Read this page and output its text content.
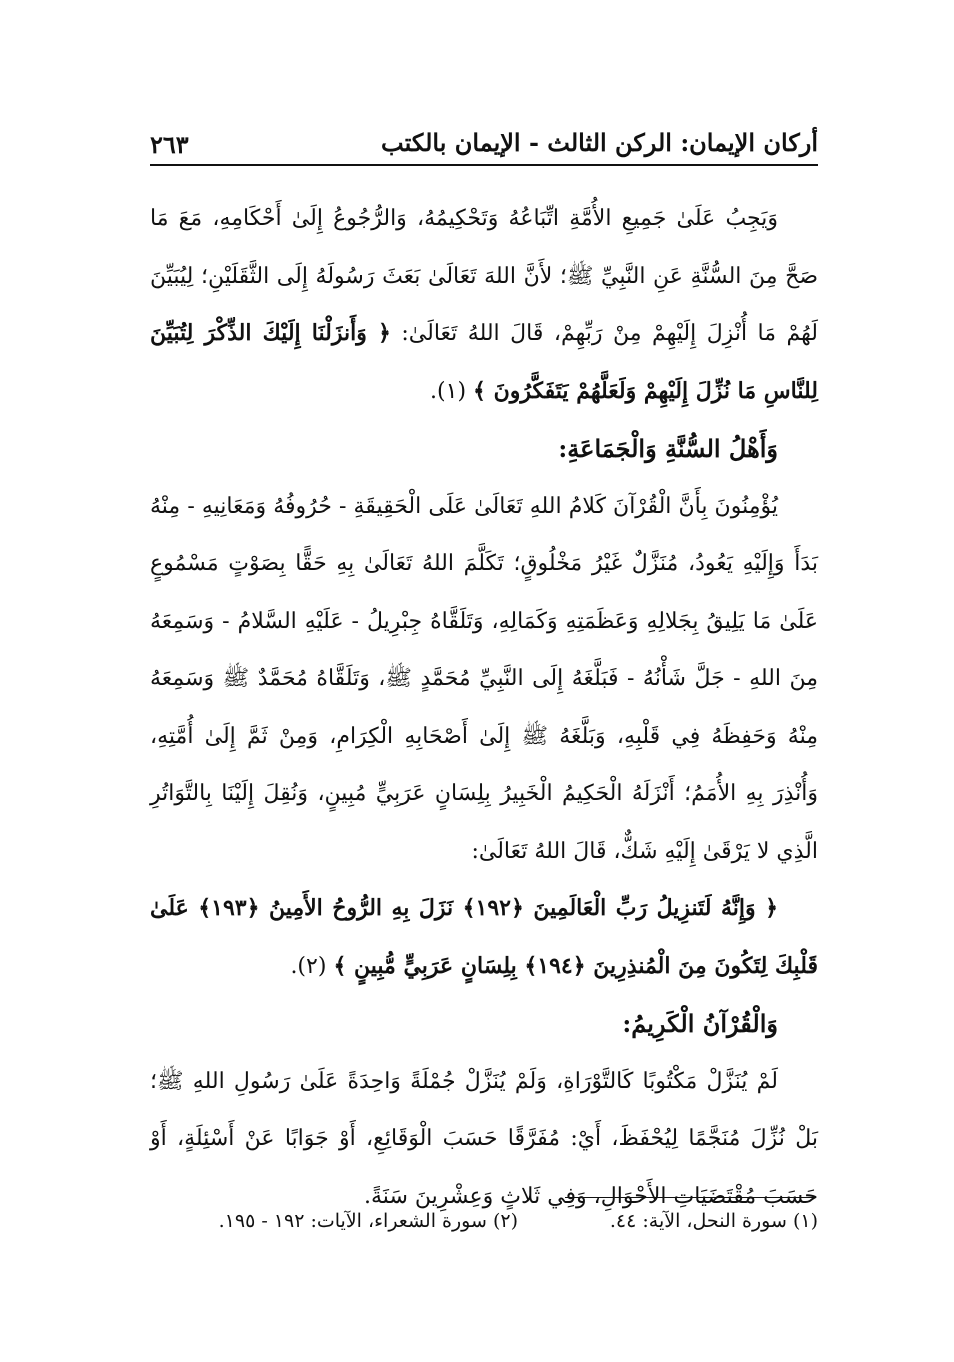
أركان الإيمان: الركن الثالث - الإيمان بالكتب
٢٦٣

وَيَجِبُ عَلَىٰ جَمِيعِ الأُمَّةِ اتِّبَاعُهُ وَتَحْكِيمُهُ، وَالرُّجُوعُ إِلَىٰ أَحْكَامِهِ، مَعَ مَا صَحَّ مِنَ السُّنَّةِ عَنِ النَّبِيِّ ﷺ؛ لأَنَّ اللهَ تَعَالَىٰ بَعَثَ رَسُولَهُ إِلَى الثَّقَلَيْنِ؛ لِيُبَيِّنَ لَهُمْ مَا أُنْزِلَ إِلَيْهِمْ مِنْ رَبِّهِمْ، قَالَ اللهُ تَعَالَىٰ: ﴿ وَأَنزَلْنَا إِلَيْكَ الذِّكْرَ لِتُبَيِّنَ لِلنَّاسِ مَا نُزِّلَ إِلَيْهِمْ وَلَعَلَّهُمْ يَتَفَكَّرُونَ ﴾ (١).

وَأَهْلُ السُّنَّةِ وَالْجَمَاعَةِ:

يُؤْمِنُونَ بِأَنَّ الْقُرْآنَ كَلامُ اللهِ تَعَالَىٰ عَلَى الْحَقِيقَةِ - حُرُوفُهُ وَمَعَانِيهِ - مِنْهُ بَدَأَ وَإِلَيْهِ يَعُودُ، مُنَزَّلٌ غَيْرُ مَخْلُوقٍ؛ تَكَلَّمَ اللهُ تَعَالَىٰ بِهِ حَقًّا بِصَوْتٍ مَسْمُوعٍ عَلَىٰ مَا يَلِيقُ بِجَلالِهِ وَعَظَمَتِهِ وَكَمَالِهِ، وَتَلَقَّاهُ جِبْرِيلُ - عَلَيْهِ السَّلامُ - وَسَمِعَهُ مِنَ اللهِ - جَلَّ شَأْنُهُ - فَبَلَّغَهُ إِلَى النَّبِيِّ مُحَمَّدٍ ﷺ، وَتَلَقَّاهُ مُحَمَّدٌ ﷺ وَسَمِعَهُ مِنْهُ وَحَفِظَهُ فِي قَلْبِهِ، وَبَلَّغَهُ ﷺ إِلَىٰ أَصْحَابِهِ الْكِرَامِ، وَمِنْ ثَمَّ إِلَىٰ أُمَّتِهِ، وَأُنْذِرَ بِهِ الأُمَمُ؛ أَنْزَلَهُ الْحَكِيمُ الْخَبِيرُ بِلِسَانٍ عَرَبِيٍّ مُبِينٍ، وَنُقِلَ إِلَيْنَا بِالتَّوَاتُرِ الَّذِي لا يَرْقَىٰ إِلَيْهِ شَكٌّ، قَالَ اللهُ تَعَالَىٰ:

﴿ وَإِنَّهُ لَتَنزِيلُ رَبِّ الْعَالَمِينَ ﴿١٩٢﴾ نَزَلَ بِهِ الرُّوحُ الأَمِينُ ﴿١٩٣﴾ عَلَىٰ قَلْبِكَ لِتَكُونَ مِنَ الْمُنذِرِينَ ﴿١٩٤﴾ بِلِسَانٍ عَرَبِيٍّ مُّبِينٍ ﴾ (٢).

وَالْقُرْآنُ الْكَرِيمُ:

لَمْ يُنَزَّلْ مَكْتُوبًا كَالتَّوْرَاةِ، وَلَمْ يُنَزَّلْ جُمْلَةً وَاحِدَةً عَلَىٰ رَسُولِ اللهِ ﷺ؛ بَلْ نُزِّلَ مُنَجَّمًا لِيُحْفَظَ، أَيْ: مُفَرَّقًا حَسَبَ الْوَقَائِعِ، أَوْ جَوَابًا عَنْ أَسْئِلَةٍ، أَوْ حَسَبَ مُقْتَضَيَاتِ الأَحْوَالِ، وَفِي ثَلاثٍ وَعِشْرِينَ سَنَةً.

(١) سورة النحل، الآية: ٤٤.
(٢) سورة الشعراء، الآيات: ١٩٢ - ١٩٥.
